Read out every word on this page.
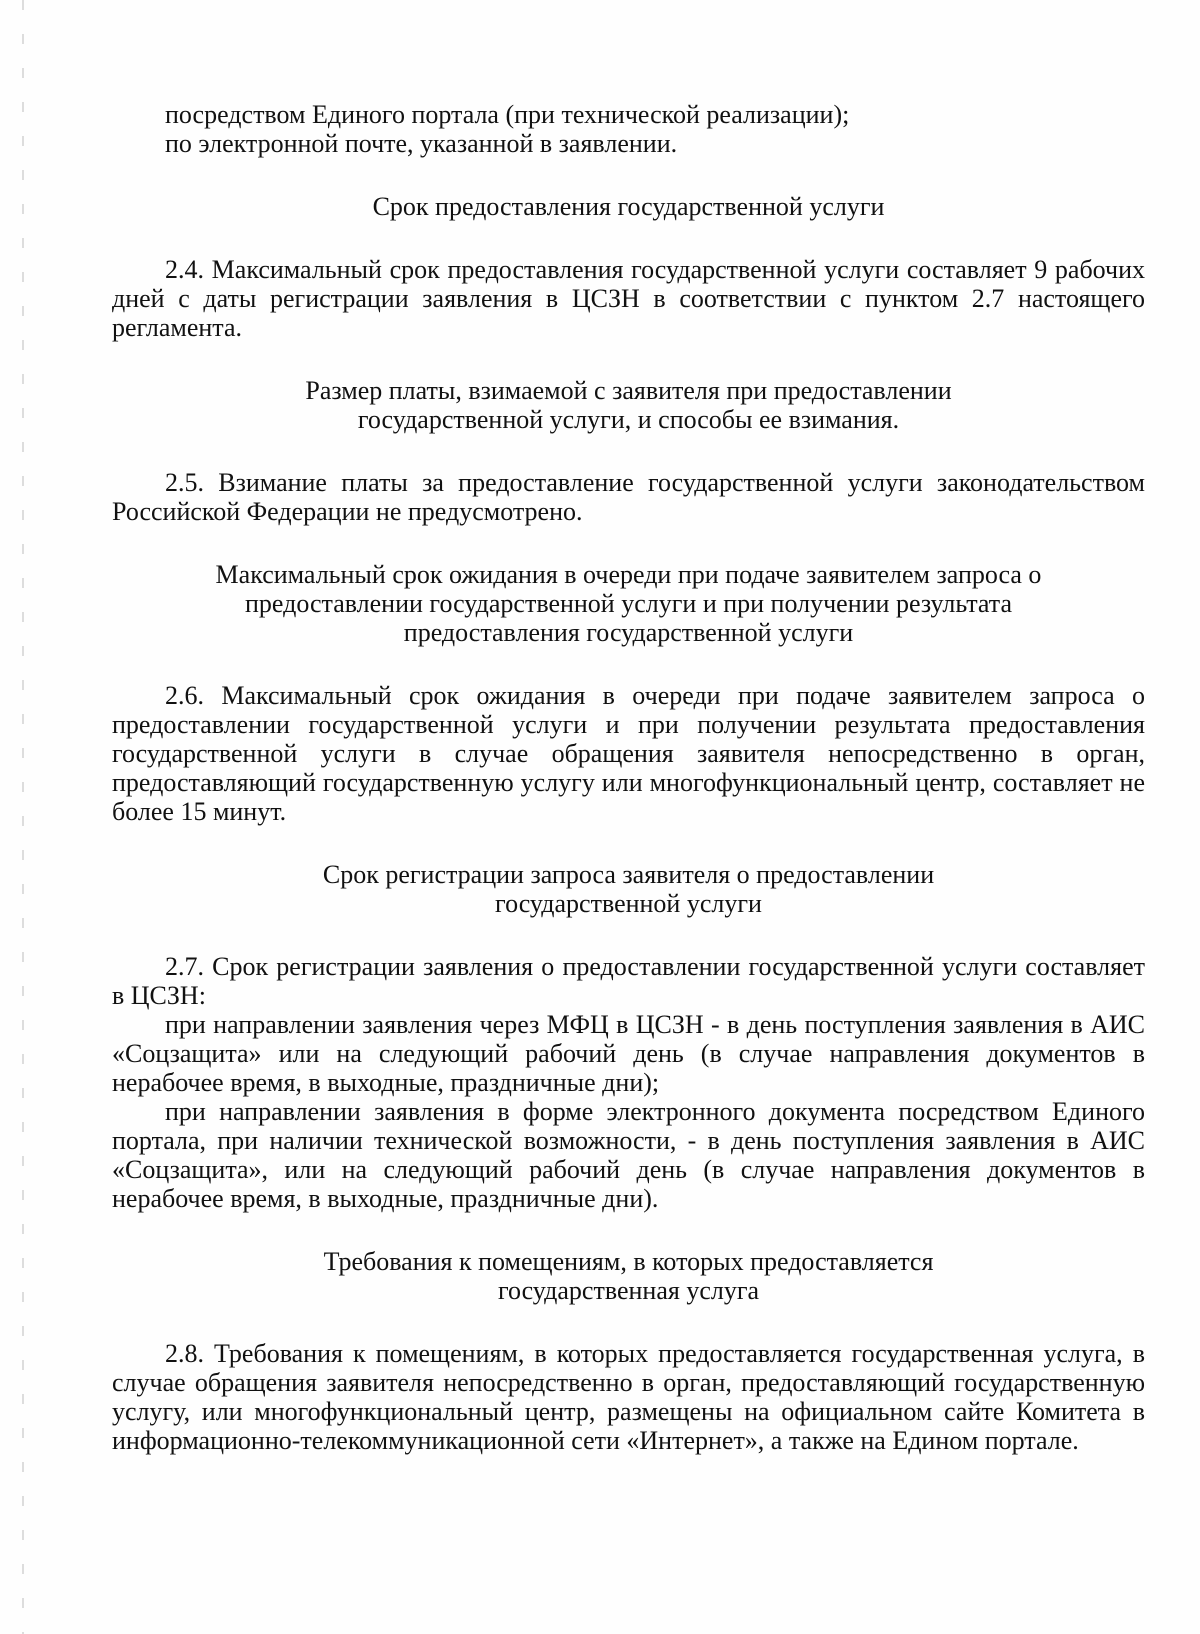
посредством Единого портала (при технической реализации);

по электронной почте, указанной в заявлении.

Срок предоставления государственной услуги

2.4. Максимальный срок предоставления государственной услуги составляет 9 рабочих дней с даты регистрации заявления в ЦСЗН в соответствии с пунктом 2.7 настоящего регламента.

Размер платы, взимаемой с заявителя при предоставлении

государственной услуги, и способы ее взимания.

2.5. Взимание платы за предоставление государственной услуги законодательством Российской Федерации не предусмотрено.

Максимальный срок ожидания в очереди при подаче заявителем запроса о

предоставлении государственной услуги и при получении результата

предоставления государственной услуги

2.6. Максимальный срок ожидания в очереди при подаче заявителем запроса о предоставлении государственной услуги и при получении результата предоставления государственной услуги в случае обращения заявителя непосредственно в орган, предоставляющий государственную услугу или многофункциональный центр, составляет не более 15 минут.

Срок регистрации запроса заявителя о предоставлении

государственной услуги

2.7. Срок регистрации заявления о предоставлении государственной услуги составляет в ЦСЗН:

при направлении заявления через МФЦ в ЦСЗН - в день поступления заявления в АИС «Соцзащита» или на следующий рабочий день (в случае направления документов в нерабочее время, в выходные, праздничные дни);

при направлении заявления в форме электронного документа посредством Единого портала, при наличии технической возможности, - в день поступления заявления в АИС «Соцзащита», или на следующий рабочий день (в случае направления документов в нерабочее время, в выходные, праздничные дни).

Требования к помещениям, в которых предоставляется

государственная услуга

2.8. Требования к помещениям, в которых предоставляется государственная услуга, в случае обращения заявителя непосредственно в орган, предоставляющий государственную услугу, или многофункциональный центр, размещены на официальном сайте Комитета в информационно-телекоммуникационной сети «Интернет», а также на Едином портале.
